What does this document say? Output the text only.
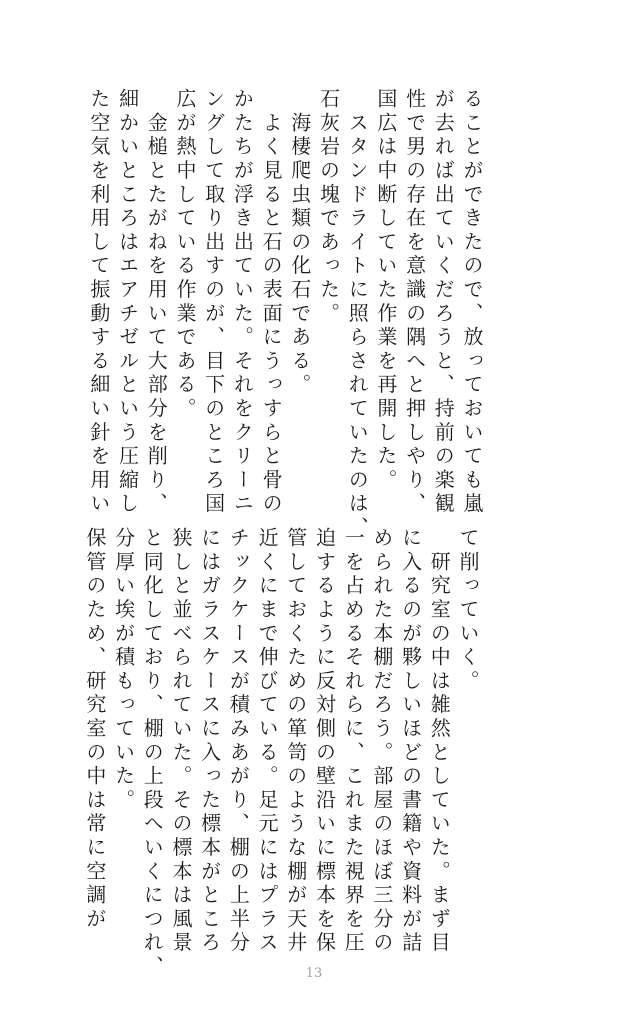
ることができたので、放っておいても嵐
が去れば出ていくだろうと、持前の楽観
性で男の存在を意識の隅へと押しやり、
国広は中断していた作業を再開した。
　スタンドライトに照らされていたのは、
石灰岩の塊であった。
　海棲爬虫類の化石である。
　よく見ると石の表面にうっすらと骨の
かたちが浮き出ていた。それをクリーニ
ングして取り出すのが、目下のところ国
広が熱中している作業である。
　金槌とたがねを用いて大部分を削り、
細かいところはエアチゼルという圧縮し
た空気を利用して振動する細い針を用い
て削っていく。
　研究室の中は雑然としていた。まず目
に入るのが夥しいほどの書籍や資料が詰
められた本棚だろう。部屋のほぼ三分の
一を占めるそれらに、これまた視界を圧
迫するように反対側の壁沿いに標本を保
管しておくための箪笥のような棚が天井
近くにまで伸びている。足元にはプラス
チックケースが積みあがり、棚の上半分
にはガラスケースに入った標本がところ
狭しと並べられていた。その標本は風景
と同化しており、棚の上段へいくにつれ、
分厚い埃が積もっていた。
保管のため、研究室の中は常に空調が
13
